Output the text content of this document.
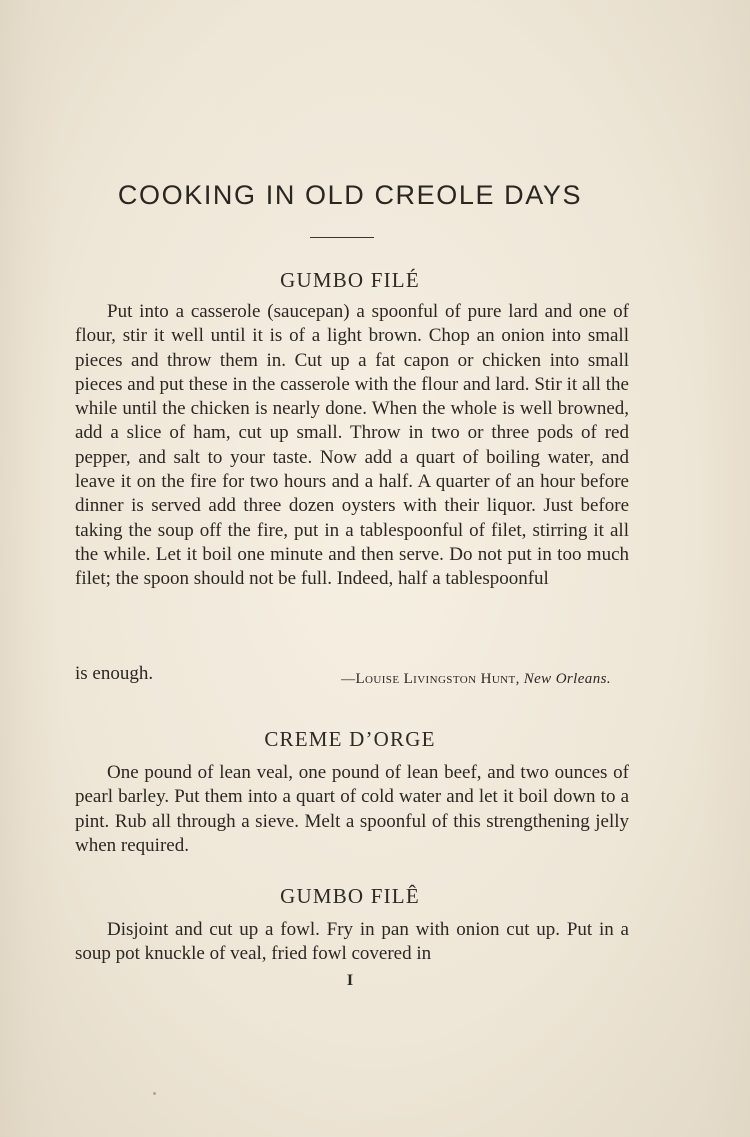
COOKING IN OLD CREOLE DAYS
GUMBO FILÉ
Put into a casserole (saucepan) a spoonful of pure lard and one of flour, stir it well until it is of a light brown. Chop an onion into small pieces and throw them in. Cut up a fat capon or chicken into small pieces and put these in the casserole with the flour and lard. Stir it all the while until the chicken is nearly done. When the whole is well browned, add a slice of ham, cut up small. Throw in two or three pods of red pepper, and salt to your taste. Now add a quart of boiling water, and leave it on the fire for two hours and a half. A quarter of an hour before dinner is served add three dozen oysters with their liquor. Just before taking the soup off the fire, put in a tablespoonful of filet, stirring it all the while. Let it boil one minute and then serve. Do not put in too much filet; the spoon should not be full. Indeed, half a tablespoonful
is enough.	—Louise Livingston Hunt, New Orleans.
CREME D’ORGE
One pound of lean veal, one pound of lean beef, and two ounces of pearl barley. Put them into a quart of cold water and let it boil down to a pint. Rub all through a sieve. Melt a spoonful of this strengthening jelly when required.
GUMBO FILÊ
Disjoint and cut up a fowl. Fry in pan with onion cut up. Put in a soup pot knuckle of veal, fried fowl covered in
I
